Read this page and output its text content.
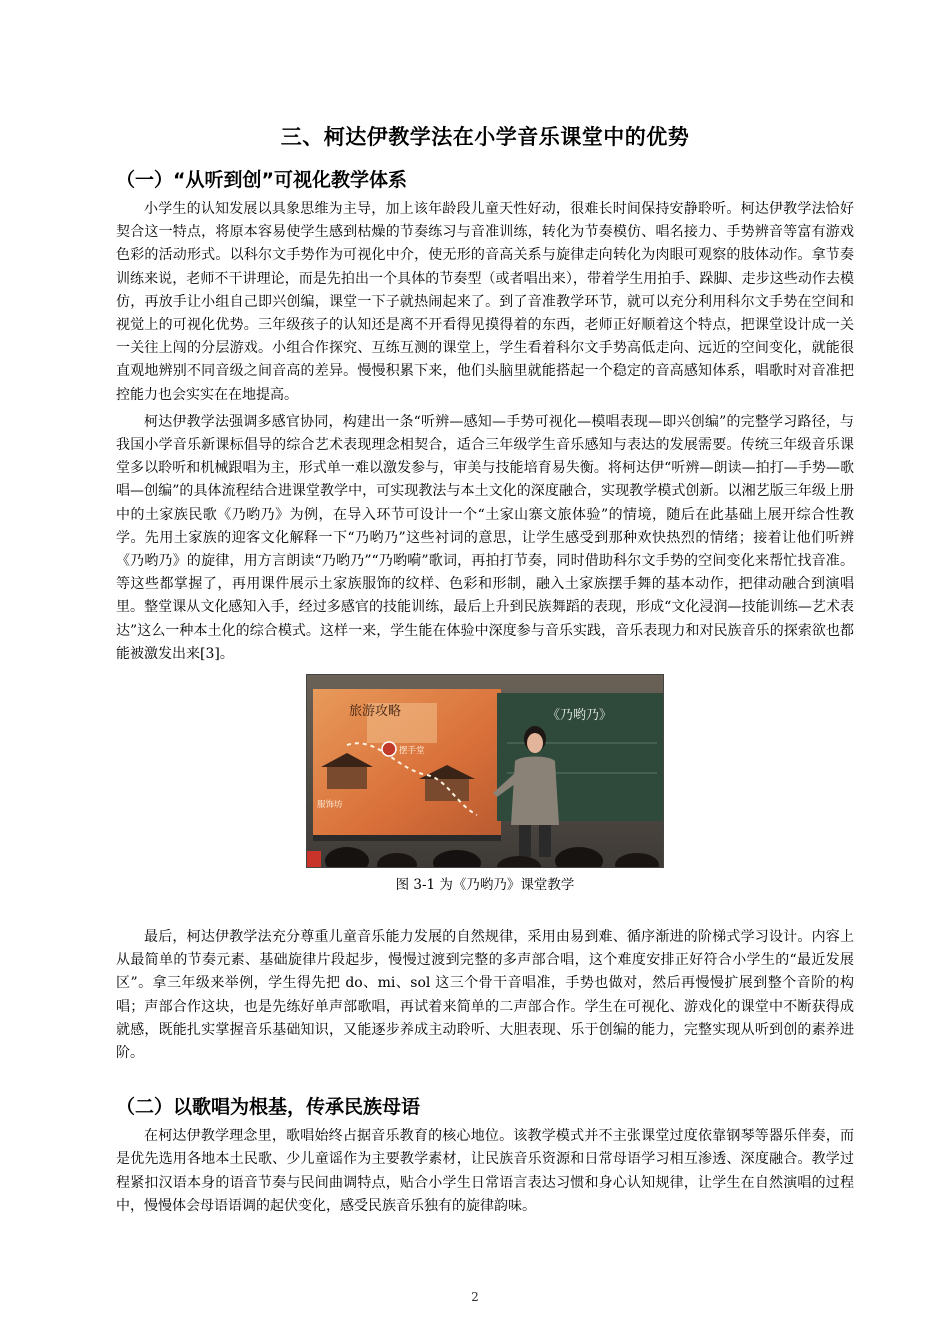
三、柯达伊教学法在小学音乐课堂中的优势
（一）“从听到创”可视化教学体系

小学生的认知发展以具象思维为主导，加上该年龄段儿童天性好动，很难长时间保持安静聆听。柯达伊教学法恰好契合这一特点，将原本容易使学生感到枯燥的节奏练习与音准训练，转化为节奏模仿、唱名接力、手势辨音等富有游戏色彩的活动形式。以科尔文手势作为可视化中介，使无形的音高关系与旋律走向转化为肉眼可观察的肢体动作。拿节奏训练来说，老师不干讲理论，而是先拍出一个具体的节奏型（或者唱出来），带着学生用拍手、跺脚、走步这些动作去模仿，再放手让小组自己即兴创编，课堂一下子就热闹起来了。到了音准教学环节，就可以充分利用科尔文手势在空间和视觉上的可视化优势。三年级孩子的认知还是离不开看得见摸得着的东西，老师正好顺着这个特点，把课堂设计成一关一关往上闯的分层游戏。小组合作探究、互练互测的课堂上，学生看着科尔文手势高低走向、远近的空间变化，就能很直观地辨别不同音级之间音高的差异。慢慢积累下来，他们头脑里就能搭起一个稳定的音高感知体系，唱歌时对音准把控能力也会实实在在地提高。

柯达伊教学法强调多感官协同，构建出一条“听辨—感知—手势可视化—模唱表现—即兴创编”的完整学习路径，与我国小学音乐新课标倡导的综合艺术表现理念相契合，适合三年级学生音乐感知与表达的发展需要。传统三年级音乐课堂多以聆听和机械跟唱为主，形式单一难以激发参与，审美与技能培育易失衡。将柯达伊“听辨—朗读—拍打—手势—歌唱—创编”的具体流程结合进课堂教学中，可实现教法与本土文化的深度融合，实现教学模式创新。以湘艺版三年级上册中的土家族民歌《乃哟乃》为例，在导入环节可设计一个“土家山寨文旅体验”的情境，随后在此基础上展开综合性教学。先用土家族的迎客文化解释一下“乃哟乃”这些衬词的意思，让学生感受到那种欢快热烈的情绪；接着让他们听辨《乃哟乃》的旋律，用方言朗读“乃哟乃”“乃哟嗬”歌词，再拍打节奏，同时借助科尔文手势的空间变化来帮忙找音准。等这些都掌握了，再用课件展示土家族服饰的纹样、色彩和形制，融入土家族摆手舞的基本动作，把律动融合到演唱里。整堂课从文化感知入手，经过多感官的技能训练，最后上升到民族舞蹈的表现，形成“文化浸润—技能训练—艺术表达”这么一种本土化的综合模式。这样一来，学生能在体验中深度参与音乐实践，音乐表现力和对民族音乐的探索欲也都能被激发出来[3]。

旅游攻略
摆手堂
服饰坊
《乃哟乃》
图 3-1 为《乃哟乃》课堂教学

最后，柯达伊教学法充分尊重儿童音乐能力发展的自然规律，采用由易到难、循序渐进的阶梯式学习设计。内容上从最简单的节奏元素、基础旋律片段起步，慢慢过渡到完整的多声部合唱，这个难度安排正好符合小学生的“最近发展区”。拿三年级来举例，学生得先把 do、mi、sol 这三个骨干音唱准，手势也做对，然后再慢慢扩展到整个音阶的构唱；声部合作这块，也是先练好单声部歌唱，再试着来简单的二声部合作。学生在可视化、游戏化的课堂中不断获得成就感，既能扎实掌握音乐基础知识，又能逐步养成主动聆听、大胆表现、乐于创编的能力，完整实现从听到创的素养进阶。

（二）以歌唱为根基，传承民族母语

在柯达伊教学理念里，歌唱始终占据音乐教育的核心地位。该教学模式并不主张课堂过度依靠钢琴等器乐伴奏，而是优先选用各地本土民歌、少儿童谣作为主要教学素材，让民族音乐资源和日常母语学习相互渗透、深度融合。教学过程紧扣汉语本身的语音节奏与民间曲调特点，贴合小学生日常语言表达习惯和身心认知规律，让学生在自然演唱的过程中，慢慢体会母语语调的起伏变化，感受民族音乐独有的旋律韵味。

2
